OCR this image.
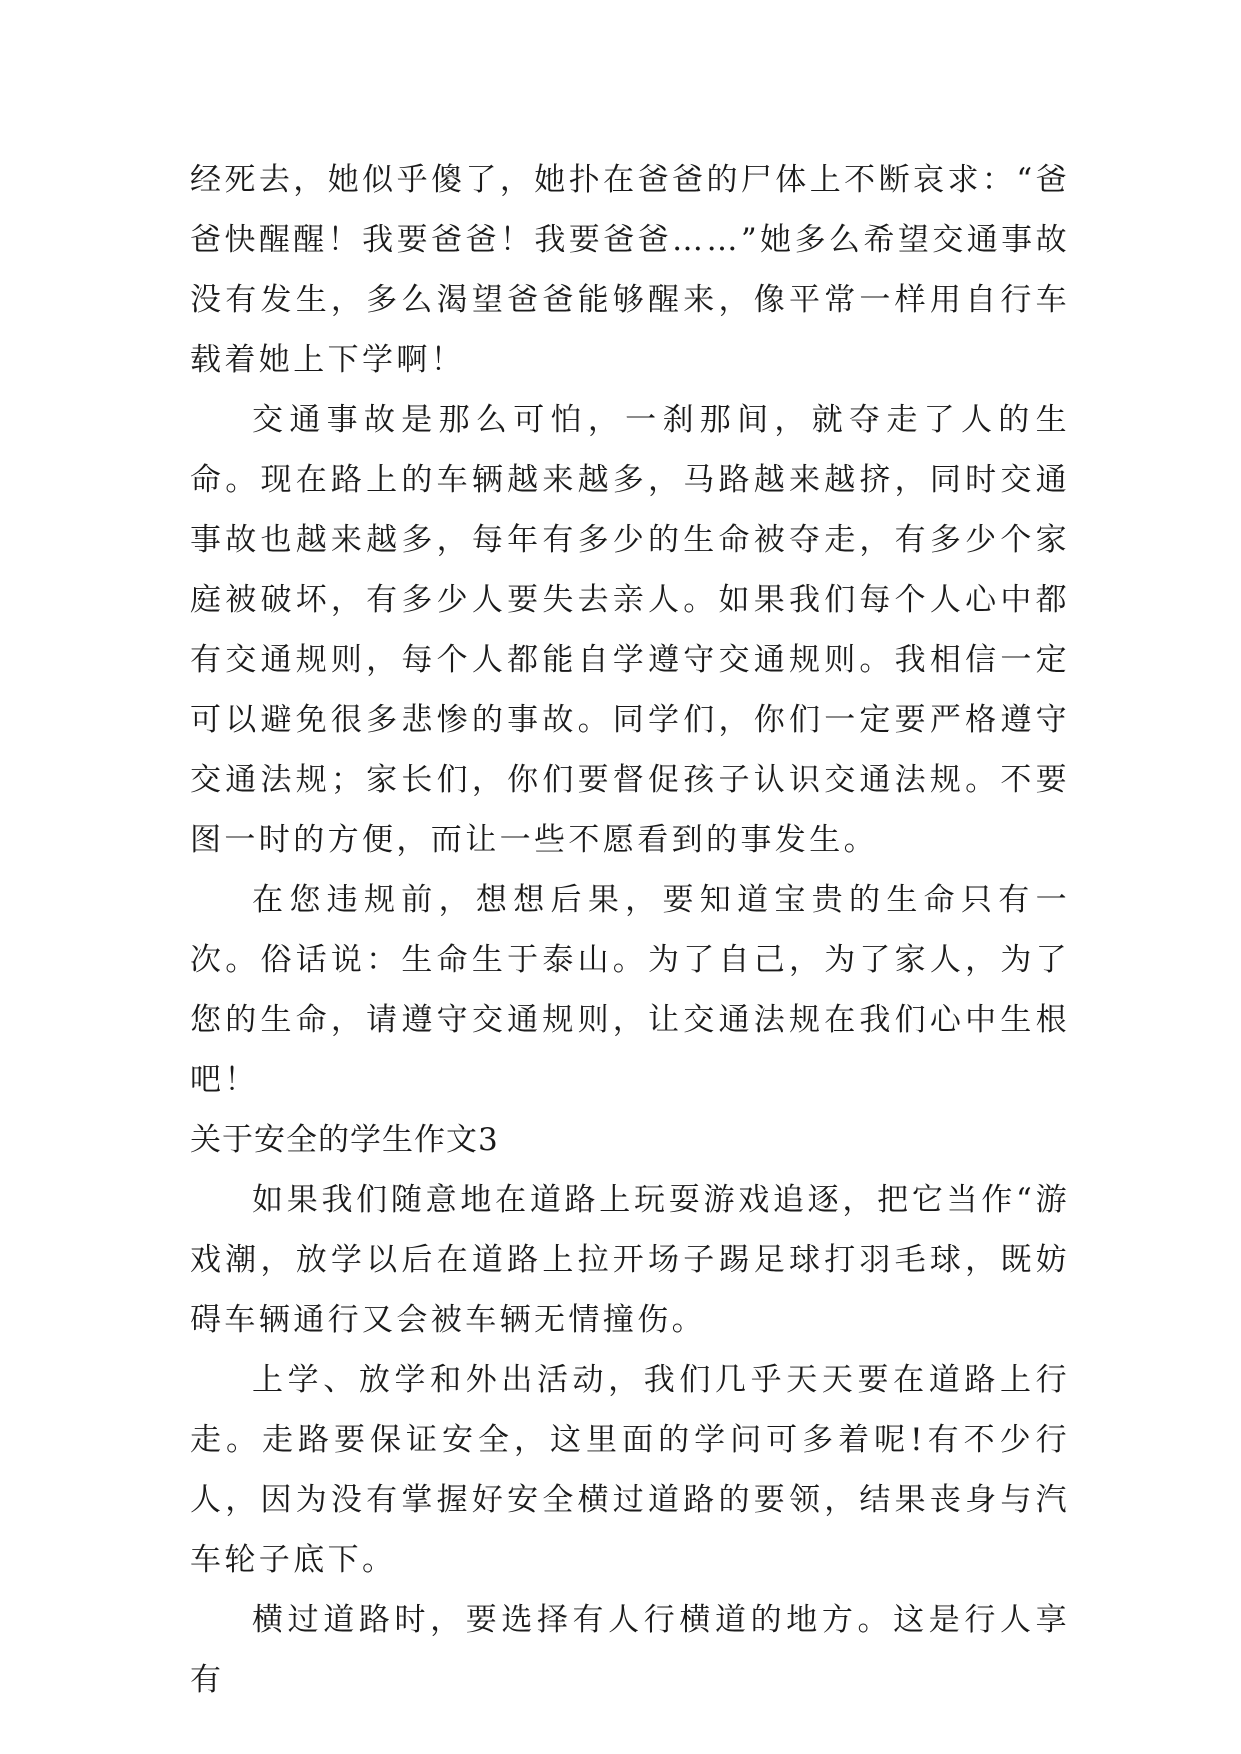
经死去，她似乎傻了，她扑在爸爸的尸体上不断哀求：“爸爸快醒醒！我要爸爸！我要爸爸……”她多么希望交通事故没有发生，多么渴望爸爸能够醒来，像平常一样用自行车载着她上下学啊！

交通事故是那么可怕，一刹那间，就夺走了人的生命。现在路上的车辆越来越多，马路越来越挤，同时交通事故也越来越多，每年有多少的生命被夺走，有多少个家庭被破坏，有多少人要失去亲人。如果我们每个人心中都有交通规则，每个人都能自学遵守交通规则。我相信一定可以避免很多悲惨的事故。同学们，你们一定要严格遵守交通法规；家长们，你们要督促孩子认识交通法规。不要图一时的方便，而让一些不愿看到的事发生。

在您违规前，想想后果，要知道宝贵的生命只有一次。俗话说：生命生于泰山。为了自己，为了家人，为了您的生命，请遵守交通规则，让交通法规在我们心中生根吧！

关于安全的学生作文3

如果我们随意地在道路上玩耍游戏追逐，把它当作“游戏潮，放学以后在道路上拉开场子踢足球打羽毛球，既妨碍车辆通行又会被车辆无情撞伤。

上学、放学和外出活动，我们几乎天天要在道路上行走。走路要保证安全，这里面的学问可多着呢!有不少行人，因为没有掌握好安全横过道路的要领，结果丧身与汽车轮子底下。

横过道路时，要选择有人行横道的地方。这是行人享有
